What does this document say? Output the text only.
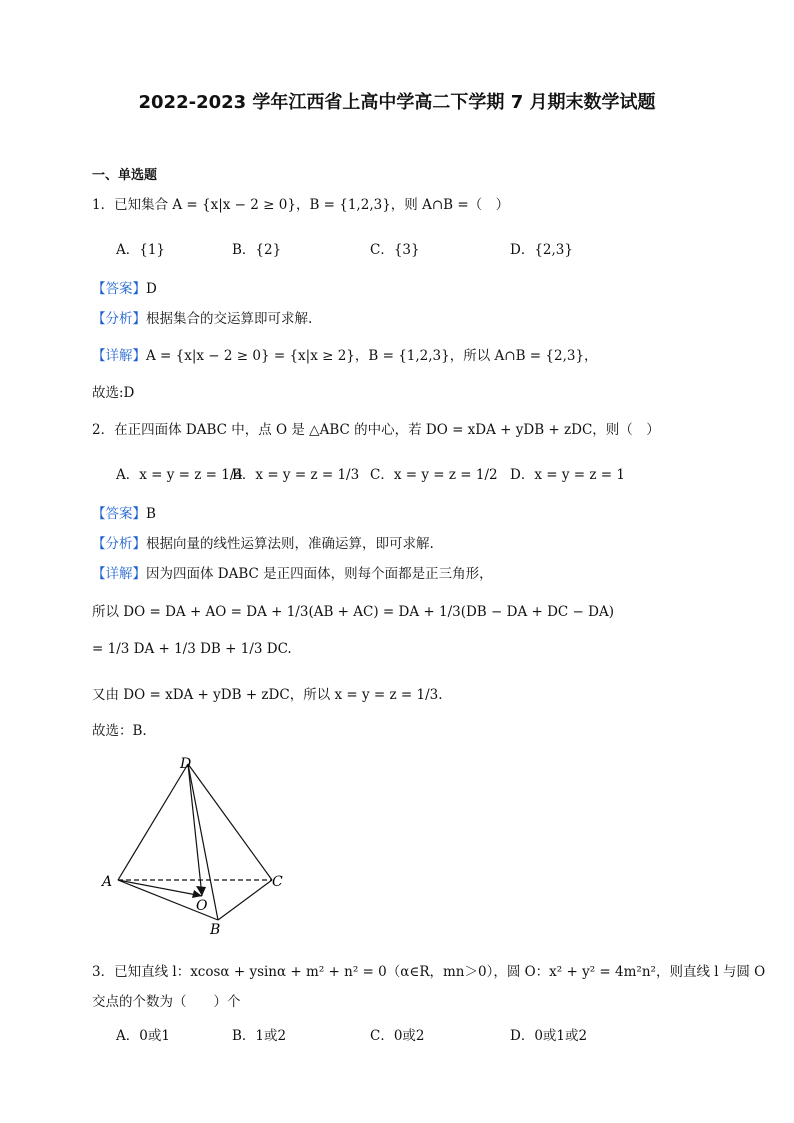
2022-2023 学年江西省上高中学高二下学期 7 月期末数学试题
一、单选题
1．已知集合 A = {x|x − 2 ≥ 0}，B = {1,2,3}，则 A∩B =（　）
A．{1}	B．{2}	C．{3}	D．{2,3}
【答案】D
【分析】根据集合的交运算即可求解.
【详解】A = {x|x − 2 ≥ 0} = {x|x ≥ 2}，B = {1,2,3}，所以 A∩B = {2,3}，
故选:D
2．在正四面体 DABC 中，点 O 是 △ABC 的中心，若 DO = xDA + yDB + zDC，则（　）
A．x = y = z = 1/4
B．x = y = z = 1/3 C．x = y = z = 1/2 D．x = y = z = 1
【答案】B
【分析】根据向量的线性运算法则，准确运算，即可求解.
【详解】因为四面体 DABC 是正四面体，则每个面都是正三角形，
所以 DO = DA + AO = DA + 1/3(AB + AC) = DA + 1/3(DB − DA + DC − DA)
= 1/3 DA + 1/3 DB + 1/3 DC.
又由 DO = xDA + yDB + zDC，所以 x = y = z = 1/3.
故选：B.
D
A
O
C
B
3．已知直线 l：xcosα + ysinα + m² + n² = 0（α∈R，mn＞0），圆 O：x² + y² = 4m²n²，则直线 l 与圆 O
交点的个数为（　　）个
A．0或1	B．1或2	C．0或2	D．0或1或2
